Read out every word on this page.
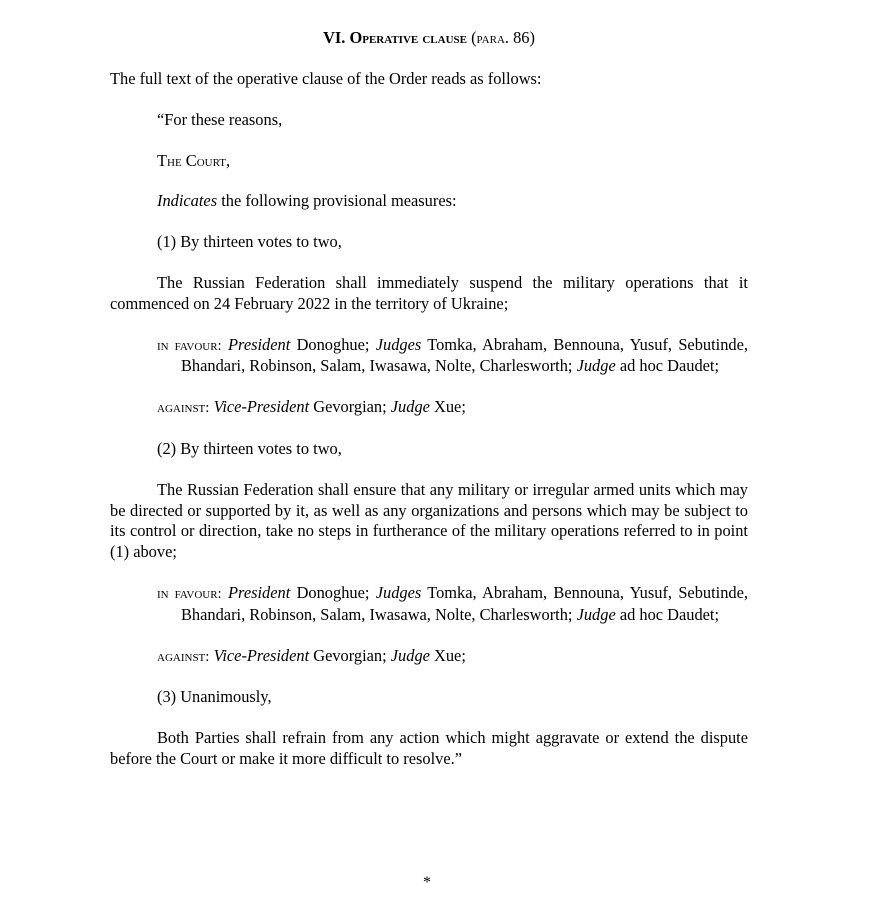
VI. Operative clause (para. 86)

The full text of the operative clause of the Order reads as follows:

“For these reasons,

The Court,

Indicates the following provisional measures:

(1) By thirteen votes to two,

The Russian Federation shall immediately suspend the military operations that it commenced on 24 February 2022 in the territory of Ukraine;

in favour: President Donoghue; Judges Tomka, Abraham, Bennouna, Yusuf, Sebutinde, Bhandari, Robinson, Salam, Iwasawa, Nolte, Charlesworth; Judge ad hoc Daudet;

against: Vice-President Gevorgian; Judge Xue;

(2) By thirteen votes to two,

The Russian Federation shall ensure that any military or irregular armed units which may be directed or supported by it, as well as any organizations and persons which may be subject to its control or direction, take no steps in furtherance of the military operations referred to in point (1) above;

in favour: President Donoghue; Judges Tomka, Abraham, Bennouna, Yusuf, Sebutinde, Bhandari, Robinson, Salam, Iwasawa, Nolte, Charlesworth; Judge ad hoc Daudet;

against: Vice-President Gevorgian; Judge Xue;

(3) Unanimously,

Both Parties shall refrain from any action which might aggravate or extend the dispute before the Court or make it more difficult to resolve.”

*
